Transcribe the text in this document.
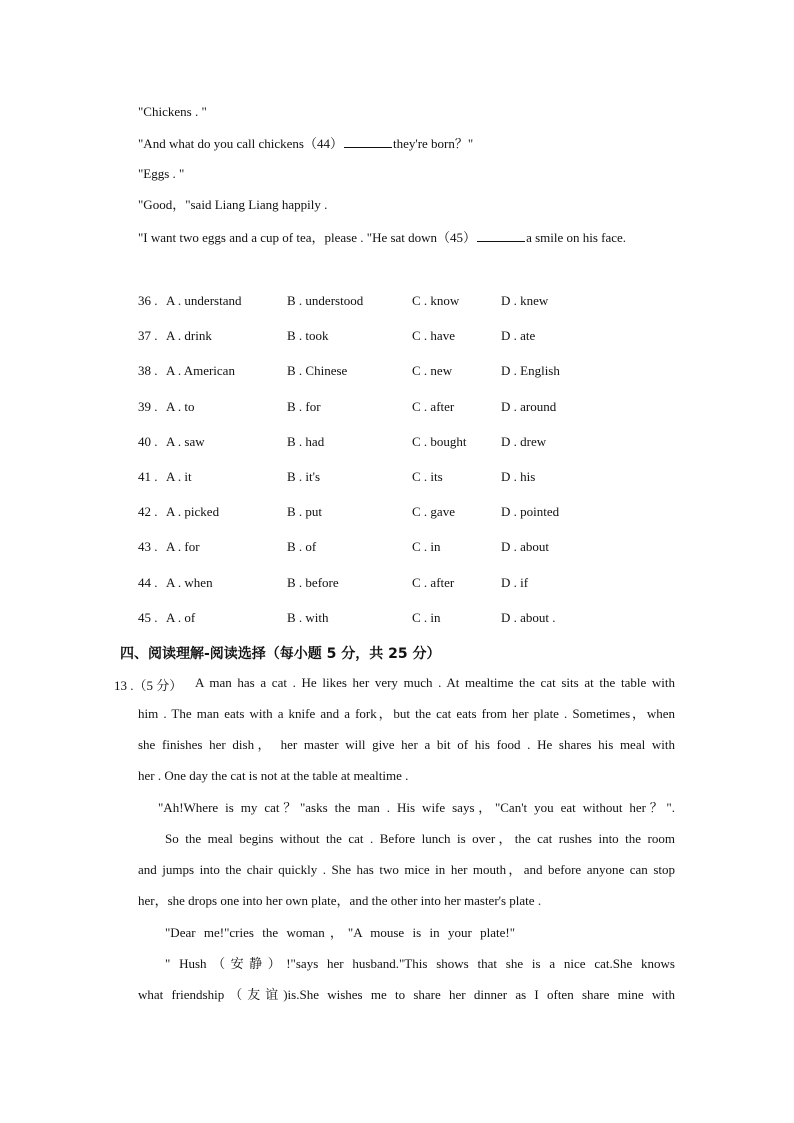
"Chickens . "
"And what do you call chickens（44）	they're born？"
"Eggs . "
"Good，"said Liang Liang happily .
"I want two eggs and a cup of tea，please . "He sat down（45）	a smile on his face.
36 . A . understand	B . understood	C . know	D . knew
37 . A . drink	B . took	C . have	D . ate
38 . A . American	B . Chinese	C . new	D . English
39 . A . to	B . for	C . after	D . around
40 . A . saw	B . had	C . bought	D . drew
41 . A . it	B . it's	C . its	D . his
42 . A . picked	B . put	C . gave	D . pointed
43 . A . for	B . of	C . in	D . about
44 . A . when	B . before	C . after	D . if
45 . A . of	B . with	C . in	D . about .
四、阅读理解-阅读选择（每小题 5 分，共 25 分）
13 .（5 分） A man has a cat . He likes her very much . At mealtime the cat sits at the table with
him . The man eats with a knife and a fork，but the cat eats from her plate . Sometimes，when
she finishes her dish， her master will give her a bit of his food . He shares his meal with
her . One day the cat is not at the table at mealtime .
"Ah!Where is my cat？"asks the man . His wife says，"Can't you eat without her？".
So the meal begins without the cat . Before lunch is over，the cat rushes into the room
and jumps into the chair quickly . She has two mice in her mouth，and before anyone can stop
her，she drops one into her own plate，and the other into her master's plate .
"Dear me!"cries the woman，"A mouse is in your plate!"
" Hush（安静）!"says her husband."This shows that she is a nice cat.She knows
what friendship（友谊)is.She wishes me to share her dinner as I often share mine with
